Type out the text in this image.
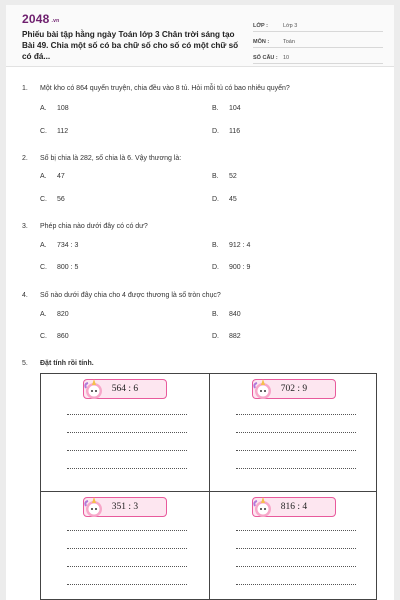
2048 .vn
Phiếu bài tập hằng ngày Toán lớp 3 Chân trời sáng tạo Bài 49. Chia một số có ba chữ số cho số có một chữ số có đá...
LỚP :	Lớp 3
MÔN :	Toán
SỐ CÂU : 10
1.	Một kho có 864 quyển truyện, chia đều vào 8 tủ. Hỏi mỗi tủ có bao nhiêu quyển?
A. 108	B. 104
C. 112	D. 116
2.	Số bị chia là 282, số chia là 6. Vậy thương là:
A. 47	B. 52
C. 56	D. 45
3.	Phép chia nào dưới đây có có dư?
A. 734 : 3	B. 912 : 4
C. 800 : 5	D. 900 : 9
4.	Số nào dưới đây chia cho 4 được thương là số tròn chục?
A. 820	B. 840
C. 860	D. 882
5.	Đặt tính rồi tính.
564 : 6	702 : 9
351 : 3	816 : 4
